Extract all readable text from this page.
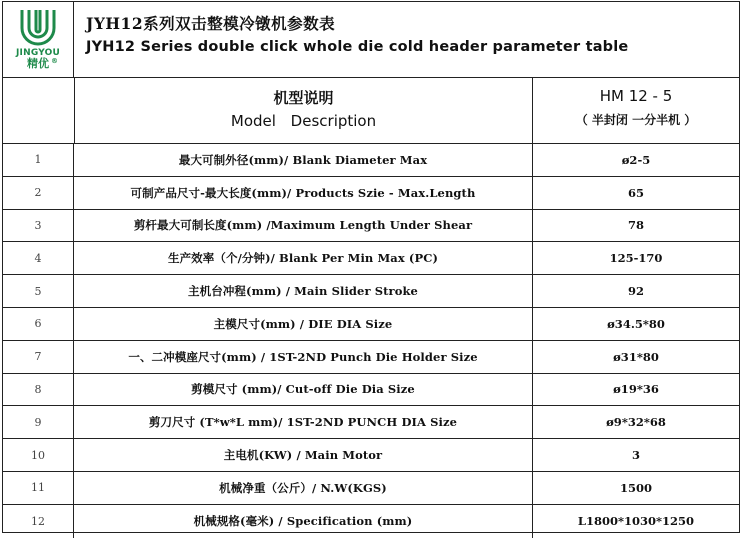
JINGYOU
精优 ®
JYH12系列双击整模冷镦机参数表
JYH12 Series double click whole die cold header parameter table
机型说明
Model Description
HM 12 - 5
（ 半封闭 一分半机 ）
1	最大可制外径(mm)/ Blank Diameter Max	ø2-5
2	可制产品尺寸-最大长度(mm)/ Products Szie - Max.Length	65
3	剪杆最大可制长度(mm) /Maximum Length Under Shear	78
4	生产效率（个/分钟)/ Blank Per Min Max (PC)	125-170
5	主机台冲程(mm) / Main Slider Stroke	92
6	主模尺寸(mm) / DIE DIA Size	ø34.5*80
7	一、二冲模座尺寸(mm) / 1ST-2ND Punch Die Holder Size	ø31*80
8	剪模尺寸 (mm)/ Cut-off Die Dia Size	ø19*36
9	剪刀尺寸 (T*w*L mm)/ 1ST-2ND PUNCH DIA Size	ø9*32*68
10	主电机(KW) / Main Motor	3
11	机械净重（公斤）/ N.W(KGS)	1500
12	机械规格(毫米) / Specification (mm)	L1800*1030*1250
